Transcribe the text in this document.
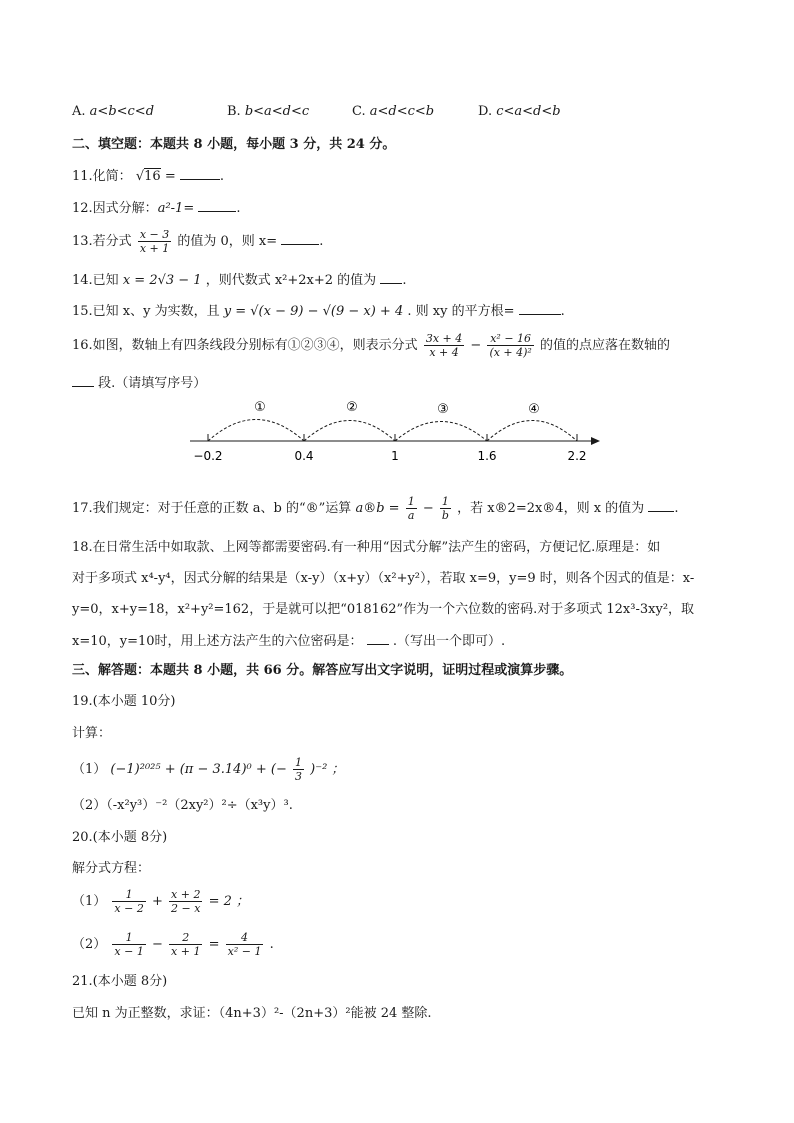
A. a<b<c<d	B. b<a<d<c	C. a<d<c<b	D. c<a<d<b
二、填空题：本题共 8 小题，每小题 3 分，共 24 分。
11.化简： √16 =	.
12.因式分解：a²-1=	.
13.若分式 $\frac{x - 3}{x + 1}$ 的值为 0，则 x=	.
14.已知 x = 2√3 − 1 ，则代数式 x²+2x+2 的值为 .
15.已知 x、y 为实数，且 y = √(x − 9) − √(9 − x) + 4 . 则 xy 的平方根=	.
16.如图，数轴上有四条线段分别标有①②③④，则表示分式 $\frac{3x + 4}{x + 4} - \frac{\text{x² − 16}}{\text{(x + 4)²}}$ 的值的点应落在数轴的
段.（请填写序号）
①	②	③	④
−0.2	0.4	1	1.6	2.2
17.我们规定：对于任意的正数 a、b 的“®”运算 a®b = $\frac{1}{a} - \frac{1}{b}$ ，若 x®2=2x®4，则 x 的值为 .
18.在日常生活中如取款、上网等都需要密码.有一种用“因式分解”法产生的密码，方便记忆.原理是：如
对于多项式 x⁴-y⁴，因式分解的结果是（x-y）（x+y）（x²+y²），若取 x=9，y=9 时，则各个因式的值是：x-
y=0，x+y=18，x²+y²=162，于是就可以把“018162”作为一个六位数的密码.对于多项式 12x³-3xy²，取
x=10，y=10时，用上述方法产生的六位密码是： .（写出一个即可）.
三、解答题：本题共 8 小题，共 66 分。解答应写出文字说明，证明过程或演算步骤。
19.(本小题 10分)
计算：
（1） (−1)²⁰²⁵ + (π − 3.14)⁰ + (− $\frac{1}{3} )^{-2}$ ；
（2）（-x²y³）⁻²（2xy²）²÷（x³y）³.
20.(本小题 8分)
解分式方程：
$(1) \frac{1}{x - 2} + \frac{x + 2}{2 - x} = 2$ ；
$(2) \frac{1}{x - 1} - \frac{2}{x + 1} = \frac{4}{\text{x² − 1}}$ .
21.(本小题 8分)
已知 n 为正整数，求证：（4n+3）²-（2n+3）²能被 24 整除.
